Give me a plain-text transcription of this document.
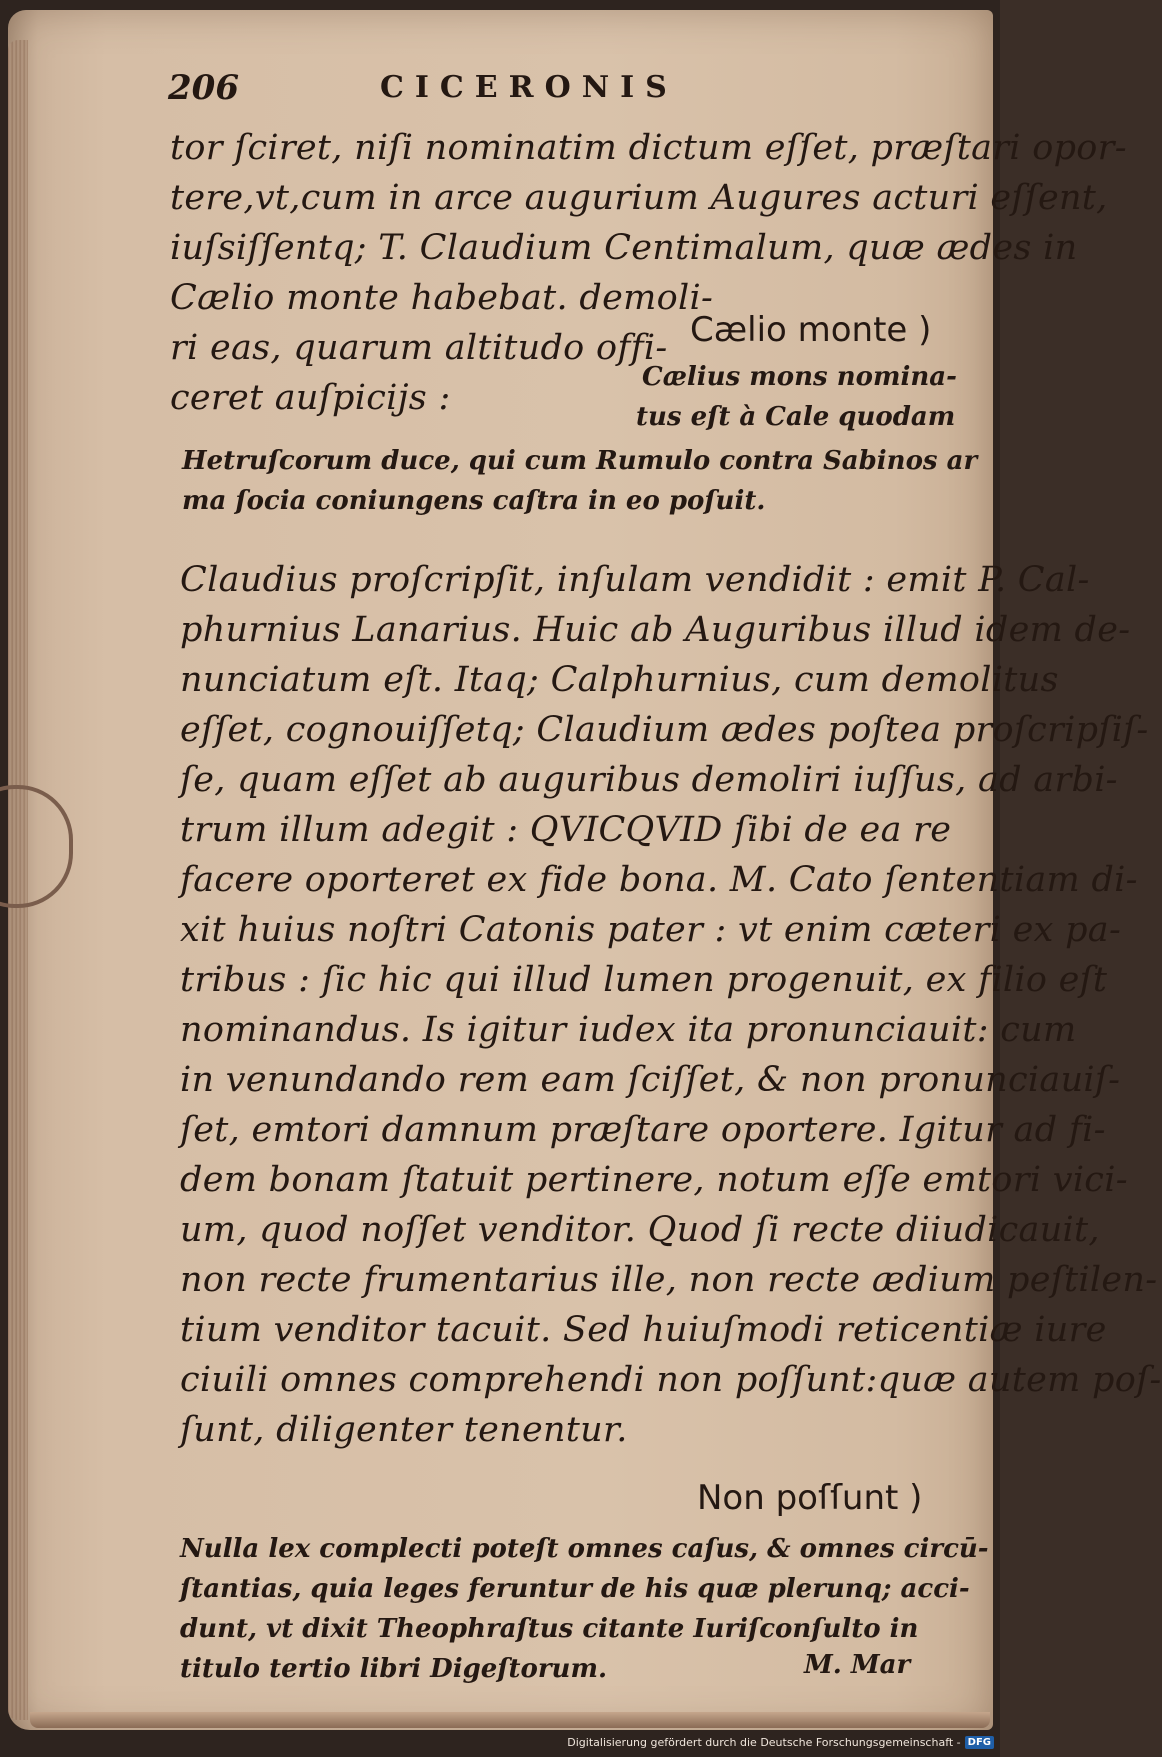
206	CICERONIS
tor ſciret, niſi nominatim dictum eſſet, præſtari opor-
tere,vt,cum in arce augurium Augures acturi eſſent,
iuſsiſſentq; T. Claudium Centimalum, quæ ædes in
Cælio monte habebat. demoli-
ri eas, quarum altitudo offi-
ceret auſpicijs :
Cælio monte )
Cælius mons nomina-
tus eſt à Cale quodam
Hetruſcorum duce, qui cum Rumulo contra Sabinos ar
ma ſocia coniungens caſtra in eo poſuit.
Claudius proſcripſit, inſulam vendidit : emit P. Cal-
phurnius Lanarius. Huic ab Auguribus illud idem de-
nunciatum eſt. Itaq; Calphurnius, cum demolitus
eſſet, cognouiſſetq; Claudium ædes poſtea proſcripſiſ-
ſe, quam eſſet ab auguribus demoliri iuſſus, ad arbi-
trum illum adegit : QVICQVID ſibi de ea re
facere oporteret ex fide bona. M. Cato ſententiam di-
xit huius noſtri Catonis pater : vt enim cæteri ex pa-
tribus : ſic hic qui illud lumen progenuit, ex filio eſt
nominandus. Is igitur iudex ita pronunciauit: cum
in venundando rem eam ſciſſet, & non pronunciauiſ-
ſet, emtori damnum præſtare oportere. Igitur ad fi-
dem bonam ſtatuit pertinere, notum eſſe emtori vici-
um, quod noſſet venditor. Quod ſi recte diiudicauit,
non recte frumentarius ille, non recte ædium peſtilen-
tium venditor tacuit. Sed huiuſmodi reticentiæ iure
ciuili omnes comprehendi non poſſunt:quæ autem poſ-
ſunt, diligenter tenentur.
Non poſſunt )
Nulla lex complecti poteſt omnes caſus, & omnes circū-
ſtantias, quia leges feruntur de his quæ plerunq; acci-
dunt, vt dixit Theophraſtus citante Iuriſconſulto in
titulo tertio libri Digeſtorum.	M. Mar
Digitalisierung gefördert durch die Deutsche Forschungsgemeinschaft - DFG
